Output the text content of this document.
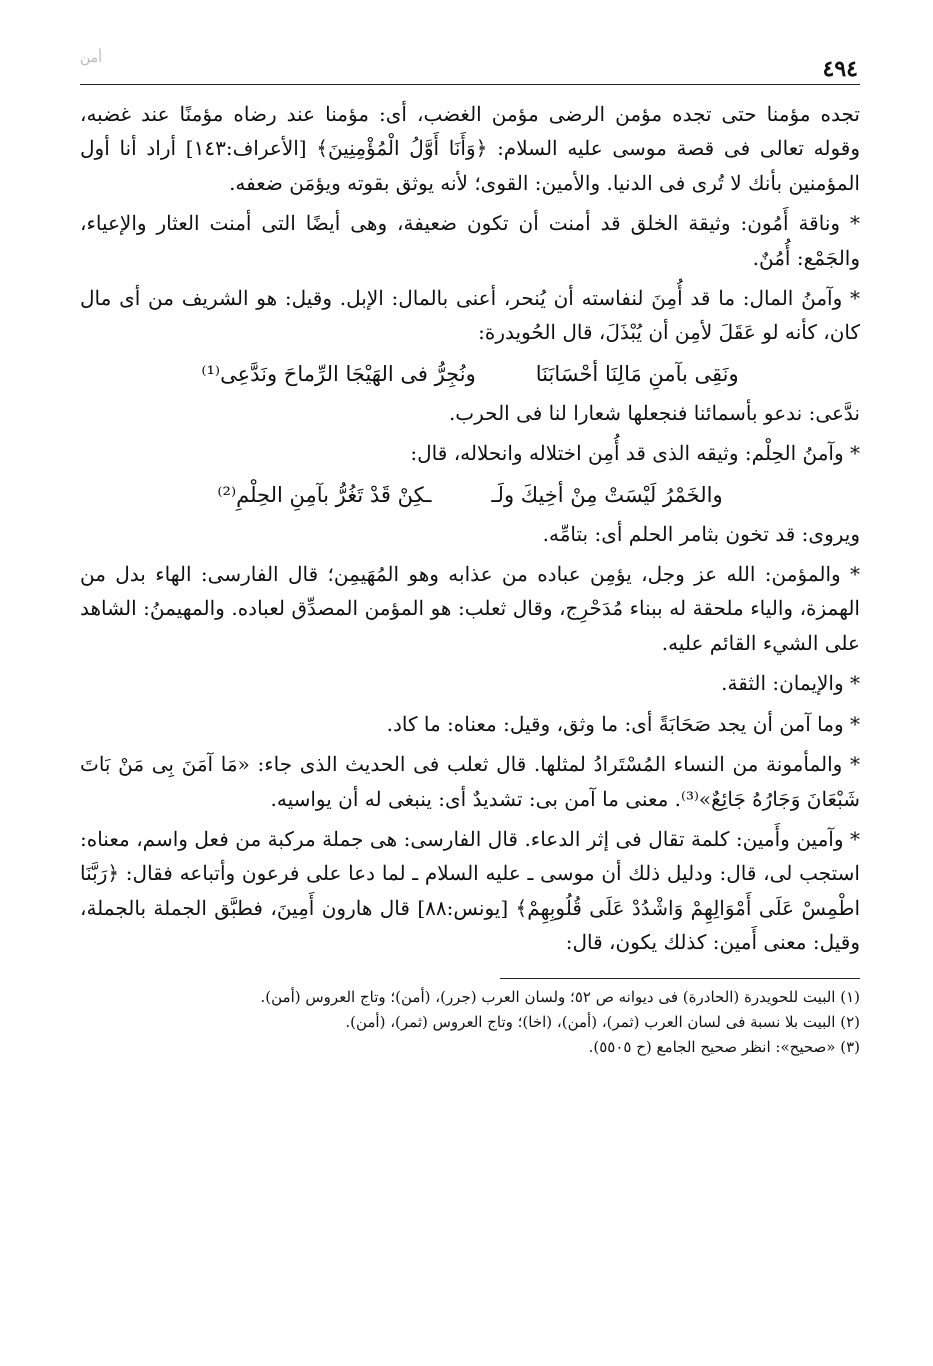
٤٩٤
أمن

تجده مؤمنا حتى تجده مؤمن الرضى مؤمن الغضب، أى: مؤمنا عند رضاه مؤمنًا عند غضبه، وقوله تعالى فى قصة موسى عليه السلام: ﴿وَأَنَا أَوَّلُ الْمُؤْمِنِينَ﴾ [الأعراف:١٤٣] أراد أنا أول المؤمنين بأنك لا تُرى فى الدنيا. والأمين: القوى؛ لأنه يوثق بقوته ويؤمَن ضعفه.

* وناقة أَمُون: وثيقة الخلق قد أمنت أن تكون ضعيفة، وهى أيضًا التى أمنت العثار والإعياء، والجَمْع: أُمُنٌ.

* وآمنُ المال: ما قد أُمِنَ لنفاسته أن يُنحر، أعنى بالمال: الإبل. وقيل: هو الشريف من أى مال كان، كأنه لو عَقَلَ لأمِن أن يُبْذَلَ، قال الحُويدرة:

ونَقِى بآمنِ مَالِنَا أحْسَابَنَا
ونُجِرُّ فى الهَيْجَا الرِّماحَ ونَدَّعِى⁽¹⁾

ندَّعى: ندعو بأسمائنا فنجعلها شعارا لنا فى الحرب.

* وآمنُ الحِلْم: وثيقه الذى قد أُمِن اختلاله وانحلاله، قال:

والخَمْرُ لَيْسَتْ مِنْ أخِيكَ ولَـ
ـكِنْ قَدْ تَغُرُّ بآمِنِ الحِلْمِ⁽²⁾

ويروى: قد تخون بثامر الحلم أى: بتامِّه.

* والمؤمن: الله عز وجل، يؤمِن عباده من عذابه وهو المُهَيمِن؛ قال الفارسى: الهاء بدل من الهمزة، والياء ملحقة له ببناء مُدَحْرِج، وقال ثعلب: هو المؤمن المصدِّق لعباده. والمهيمنُ: الشاهد على الشيء القائم عليه.

* والإيمان: الثقة.

* وما آمن أن يجد صَحَابَةً أى: ما وثق، وقيل: معناه: ما كاد.

* والمأمونة من النساء المُسْتَرادُ لمثلها. قال ثعلب فى الحديث الذى جاء: «مَا آمَنَ بِى مَنْ بَاتَ شَبْعَانَ وَجَارُهُ جَائِعٌ»⁽³⁾. معنى ما آمن بى: تشديدٌ أى: ينبغى له أن يواسيه.

* وآمين وأَمين: كلمة تقال فى إثر الدعاء. قال الفارسى: هى جملة مركبة من فعل واسم، معناه: استجب لى، قال: ودليل ذلك أن موسى ـ عليه السلام ـ لما دعا على فرعون وأتباعه فقال: ﴿رَبَّنَا اطْمِسْ عَلَى أَمْوَالِهِمْ وَاشْدُدْ عَلَى قُلُوبِهِمْ﴾ [يونس:٨٨] قال هارون أَمِينَ، فطبَّق الجملة بالجملة، وقيل: معنى أَمين: كذلك يكون، قال:

(١) البيت للحويدرة (الحادرة) فى ديوانه ص ٥٢؛ ولسان العرب (جرر)، (أمن)؛ وتاج العروس (أمن).

(٢) البيت بلا نسبة فى لسان العرب (ثمر)، (أمن)، (اخا)؛ وتاج العروس (ثمر)، (أمن).

(٣) «صحيح»: انظر صحيح الجامع (ح ٥٥٠٥).
